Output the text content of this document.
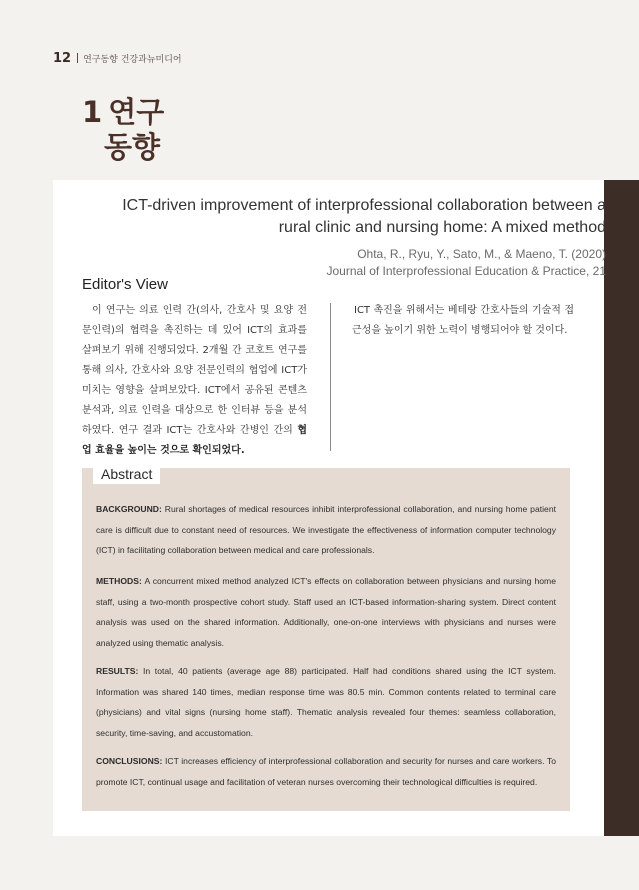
12 연구동향 건강과뉴미디어
1 연구
동향
ICT-driven improvement of interprofessional collaboration between a rural clinic and nursing home: A mixed method
Ohta, R., Ryu, Y., Sato, M., & Maeno, T. (2020)
Journal of Interprofessional Education & Practice, 21
Editor's View
이 연구는 의료 인력 간(의사, 간호사 및 요양 전문인력)의 협력을 촉진하는 데 있어 ICT의 효과를 살펴보기 위해 진행되었다. 2개월 간 코호트 연구를 통해 의사, 간호사와 요양 전문인력의 협업에 ICT가 미치는 영향을 살펴보았다. ICT에서 공유된 콘텐츠 분석과, 의료 인력을 대상으로 한 인터뷰 등을 분석하였다. 연구 결과 ICT는 간호사와 간병인 간의 협업 효율을 높이는 것으로 확인되었다.
ICT 촉진을 위해서는 베테랑 간호사들의 기술적 접근성을 높이기 위한 노력이 병행되어야 할 것이다.
Abstract
BACKGROUND: Rural shortages of medical resources inhibit interprofessional collaboration, and nursing home patient care is difficult due to constant need of resources. We investigate the effectiveness of information computer technology (ICT) in facilitating collaboration between medical and care professionals.
METHODS: A concurrent mixed method analyzed ICT's effects on collaboration between physicians and nursing home staff, using a two-month prospective cohort study. Staff used an ICT-based information-sharing system. Direct content analysis was used on the shared information. Additionally, one-on-one interviews with physicians and nurses were analyzed using thematic analysis.
RESULTS: In total, 40 patients (average age 88) participated. Half had conditions shared using the ICT system. Information was shared 140 times, median response time was 80.5 min. Common contents related to terminal care (physicians) and vital signs (nursing home staff). Thematic analysis revealed four themes: seamless collaboration, security, time-saving, and accustomation.
CONCLUSIONS: ICT increases efficiency of interprofessional collaboration and security for nurses and care workers. To promote ICT, continual usage and facilitation of veteran nurses overcoming their technological difficulties is required.
